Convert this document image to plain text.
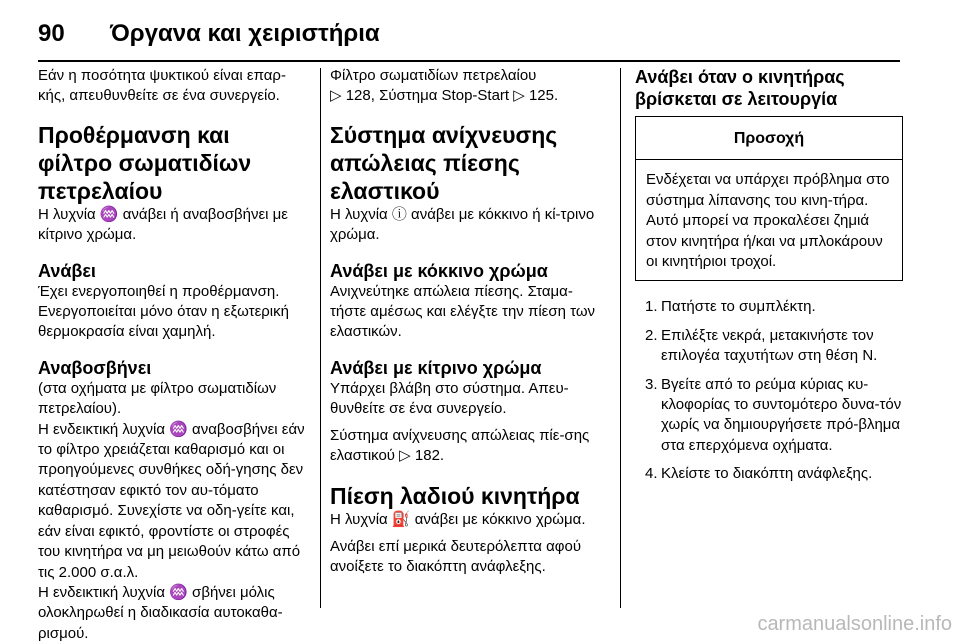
90 Όργανα και χειριστήρια

Εάν η ποσότητα ψυκτικού είναι επαρ-κής, απευθυνθείτε σε ένα συνεργείο.

Προθέρμανση και φίλτρο σωματιδίων πετρελαίου

Η λυχνία ♒ ανάβει ή αναβοσβήνει με κίτρινο χρώμα.

Ανάβει

Έχει ενεργοποιηθεί η προθέρμανση. Ενεργοποιείται μόνο όταν η εξωτερική θερμοκρασία είναι χαμηλή.

Αναβοσβήνει

(στα οχήματα με φίλτρο σωματιδίων πετρελαίου).

Η ενδεικτική λυχνία ♒ αναβοσβήνει εάν το φίλτρο χρειάζεται καθαρισμό και οι προηγούμενες συνθήκες οδή-γησης δεν κατέστησαν εφικτό τον αυ-τόματο καθαρισμό. Συνεχίστε να οδη-γείτε και, εάν είναι εφικτό, φροντίστε οι στροφές του κινητήρα να μη μειωθούν κάτω από τις 2.000 σ.α.λ.

Η ενδεικτική λυχνία ♒ σβήνει μόλις ολοκληρωθεί η διαδικασία αυτοκαθα-ρισμού.

Φίλτρο σωματιδίων πετρελαίου

▷ 128, Σύστημα Stop-Start ▷ 125.

Σύστημα ανίχνευσης απώλειας πίεσης ελαστικού

Η λυχνία ⓘ ανάβει με κόκκινο ή κί-τρινο χρώμα.

Ανάβει με κόκκινο χρώμα

Ανιχνεύτηκε απώλεια πίεσης. Σταμα-τήστε αμέσως και ελέγξτε την πίεση των ελαστικών.

Ανάβει με κίτρινο χρώμα

Υπάρχει βλάβη στο σύστημα. Απευ-θυνθείτε σε ένα συνεργείο.

Σύστημα ανίχνευσης απώλειας πίε-σης ελαστικού ▷ 182.

Πίεση λαδιού κινητήρα

Η λυχνία ⛽ ανάβει με κόκκινο χρώμα.

Ανάβει επί μερικά δευτερόλεπτα αφού ανοίξετε το διακόπτη ανάφλεξης.

Ανάβει όταν ο κινητήρας βρίσκεται σε λειτουργία
Προσοχή
Ενδέχεται να υπάρχει πρόβλημα στο σύστημα λίπανσης του κινη-τήρα. Αυτό μπορεί να προκαλέσει ζημιά στον κινητήρα ή/και να μπλοκάρουν οι κινητήριοι τροχοί.
1. Πατήστε το συμπλέκτη.
2. Επιλέξτε νεκρά, μετακινήστε τον επιλογέα ταχυτήτων στη θέση N.
3. Βγείτε από το ρεύμα κύριας κυ-κλοφορίας το συντομότερο δυνα-τόν χωρίς να δημιουργήσετε πρό-βλημα στα επερχόμενα οχήματα.
4. Κλείστε το διακόπτη ανάφλεξης.
carmanualsonline.info
